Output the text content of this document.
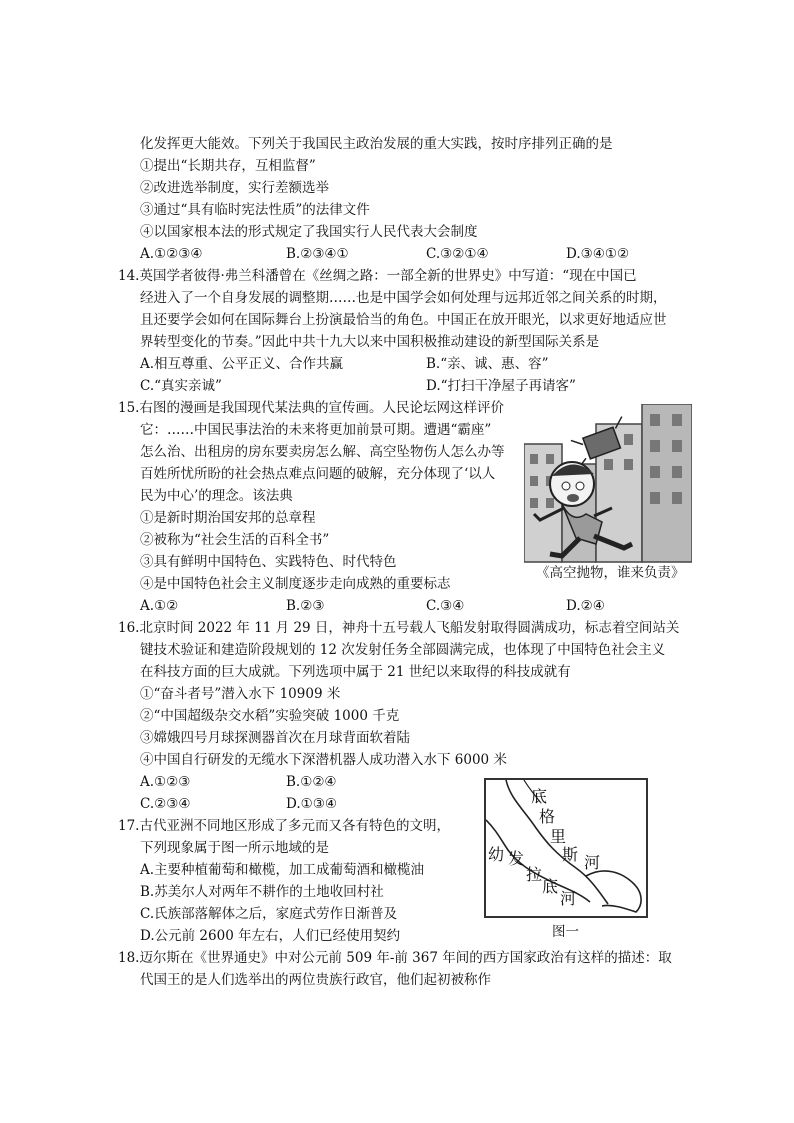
化发挥更大能效。下列关于我国民主政治发展的重大实践，按时序排列正确的是
①提出“长期共存，互相监督”
②改进选举制度，实行差额选举
③通过“具有临时宪法性质”的法律文件
④以国家根本法的形式规定了我国实行人民代表大会制度
A.①②③④	B.②③④①	C.③②①④	D.③④①②
14.英国学者彼得·弗兰科潘曾在《丝绸之路：一部全新的世界史》中写道：“现在中国已
经进入了一个自身发展的调整期……也是中国学会如何处理与远邦近邻之间关系的时期，
且还要学会如何在国际舞台上扮演最恰当的角色。中国正在放开眼光，以求更好地适应世
界转型变化的节奏。”因此中共十九大以来中国积极推动建设的新型国际关系是
A.相互尊重、公平正义、合作共赢	B.“亲、诚、惠、容”
C.“真实亲诚”	D.“打扫干净屋子再请客”
15.右图的漫画是我国现代某法典的宣传画。人民论坛网这样评价
它：……中国民事法治的未来将更加前景可期。遭遇“霸座”
怎么治、出租房的房东要卖房怎么解、高空坠物伤人怎么办等
百姓所忧所盼的社会热点难点问题的破解，充分体现了‘以人
民为中心’的理念。该法典
①是新时期治国安邦的总章程
②被称为“社会生活的百科全书”
③具有鲜明中国特色、实践特色、时代特色
④是中国特色社会主义制度逐步走向成熟的重要标志
《高空抛物，谁来负责》
A.①②	B.②③	C.③④	D.②④
16.北京时间 2022 年 11 月 29 日，神舟十五号载人飞船发射取得圆满成功，标志着空间站关
键技术验证和建造阶段规划的 12 次发射任务全部圆满完成，也体现了中国特色社会主义
在科技方面的巨大成就。下列选项中属于 21 世纪以来取得的科技成就有
①“奋斗者号”潜入水下 10909 米
②“中国超级杂交水稻”实验突破 1000 千克
③嫦娥四号月球探测器首次在月球背面软着陆
④中国自行研发的无缆水下深潜机器人成功潜入水下 6000 米
A.①②③	B.①②④
C.②③④	D.①③④	底
格
里
斯 河
幼 发
拉
底
河
图一
17.古代亚洲不同地区形成了多元而又各有特色的文明，
下列现象属于图一所示地域的是
A.主要种植葡萄和橄榄，加工成葡萄酒和橄榄油
B.苏美尔人对两年不耕作的土地收回村社
C.氏族部落解体之后，家庭式劳作日渐普及
D.公元前 2600 年左右，人们已经使用契约
18.迈尔斯在《世界通史》中对公元前 509 年-前 367 年间的西方国家政治有这样的描述：取
代国王的是人们选举出的两位贵族行政官，他们起初被称作
